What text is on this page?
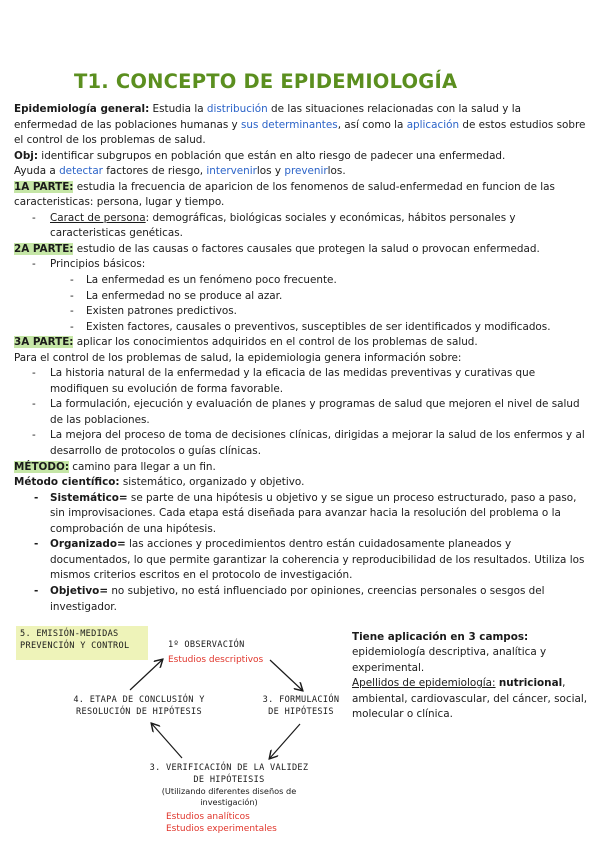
T1. CONCEPTO DE EPIDEMIOLOGÍA

Epidemiología general: Estudia la distribución de las situaciones relacionadas con la salud y la enfermedad de las poblaciones humanas y sus determinantes, así como la aplicación de estos estudios sobre el control de los problemas de salud.

Obj: identificar subgrupos en población que están en alto riesgo de padecer una enfermedad.

Ayuda a detectar factores de riesgo, intervenirlos y prevenirlos.

1A PARTE: estudia la frecuencia de aparicion de los fenomenos de salud-enfermedad en funcion de las caracteristicas: persona, lugar y tiempo.

- Caract de persona: demográficas, biológicas sociales y económicas, hábitos personales y caracteristicas genéticas.

2A PARTE: estudio de las causas o factores causales que protegen la salud o provocan enfermedad.

- Principios básicos:

- La enfermedad es un fenómeno poco frecuente.

- La enfermedad no se produce al azar.

- Existen patrones predictivos.

- Existen factores, causales o preventivos, susceptibles de ser identificados y modificados.

3A PARTE: aplicar los conocimientos adquiridos en el control de los problemas de salud.

Para el control de los problemas de salud, la epidemiologia genera información sobre:

- La historia natural de la enfermedad y la eficacia de las medidas preventivas y curativas que modifiquen su evolución de forma favorable.

- La formulación, ejecución y evaluación de planes y programas de salud que mejoren el nivel de salud de las poblaciones.

- La mejora del proceso de toma de decisiones clínicas, dirigidas a mejorar la salud de los enfermos y al desarrollo de protocolos o guías clínicas.

MÉTODO: camino para llegar a un fin.

Método científico: sistemático, organizado y objetivo.

- Sistemático= se parte de una hipótesis u objetivo y se sigue un proceso estructurado, paso a paso, sin improvisaciones. Cada etapa está diseñada para avanzar hacia la resolución del problema o la comprobación de una hipótesis.

- Organizado= las acciones y procedimientos dentro están cuidadosamente planeados y documentados, lo que permite garantizar la coherencia y reproducibilidad de los resultados. Utiliza los mismos criterios escritos en el protocolo de investigación.

- Objetivo= no subjetivo, no está influenciado por opiniones, creencias personales o sesgos del investigador.

5. EMISIÓN-MEDIDAS
PREVENCIÓN Y CONTROL	1º OBSERVACIÓN
Estudios descriptivos
4. ETAPA DE CONCLUSIÓN Y
RESOLUCIÓN DE HIPÓTESIS
3. FORMULACIÓN
DE HIPÓTESIS
3. VERIFICACIÓN DE LA VALIDEZ
DE HIPÓTEISIS
(Utilizando diferentes diseños de
investigación)
Estudios analíticos
Estudios experimentales

Tiene aplicación en 3 campos:

epidemiología descriptiva, analítica y experimental.

Apellidos de epidemiología: nutricional, ambiental, cardiovascular, del cáncer, social, molecular o clínica.
